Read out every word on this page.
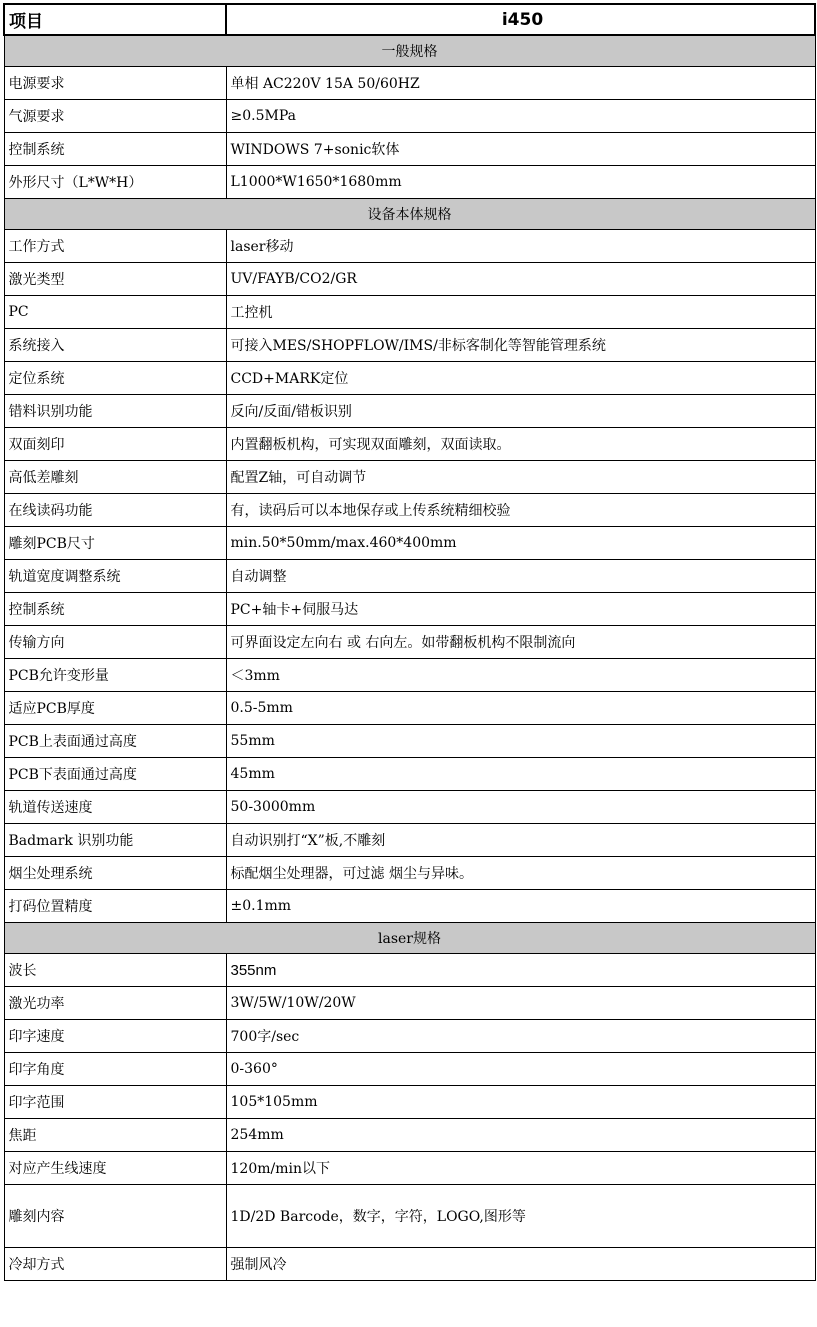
项目	i450
一般规格	
电源要求	单相 AC220V 15A 50/60HZ
气源要求	≥0.5MPa
控制系统	WINDOWS 7+sonic软体
外形尺寸（L*W*H）	L1000*W1650*1680mm
设备本体规格	
工作方式	laser移动
激光类型	UV/FAYB/CO2/GR
PC	工控机
系统接入	可接入MES/SHOPFLOW/IMS/非标客制化等智能管理系统
定位系统	CCD+MARK定位
错料识别功能	反向/反面/错板识别
双面刻印	内置翻板机构，可实现双面雕刻，双面读取。
高低差雕刻	配置Z轴，可自动调节
在线读码功能	有，读码后可以本地保存或上传系统精细校验
雕刻PCB尺寸	min.50*50mm/max.460*400mm
轨道宽度调整系统	自动调整
控制系统	PC+轴卡+伺服马达
传输方向	可界面设定左向右 或 右向左。如带翻板机构不限制流向
PCB允许变形量	＜3mm
适应PCB厚度	0.5-5mm
PCB上表面通过高度	55mm
PCB下表面通过高度	45mm
轨道传送速度	50-3000mm
Badmark 识别功能	自动识别打“X”板,不雕刻
烟尘处理系统	标配烟尘处理器，可过滤 烟尘与异味。
打码位置精度	±0.1mm
laser规格	
波长	355nm
激光功率	3W/5W/10W/20W
印字速度	700字/sec
印字角度	0-360°
印字范围	105*105mm
焦距	254mm
对应产生线速度	120m/min以下
雕刻内容	1D/2D Barcode，数字，字符，LOGO,图形等
冷却方式	强制风冷
